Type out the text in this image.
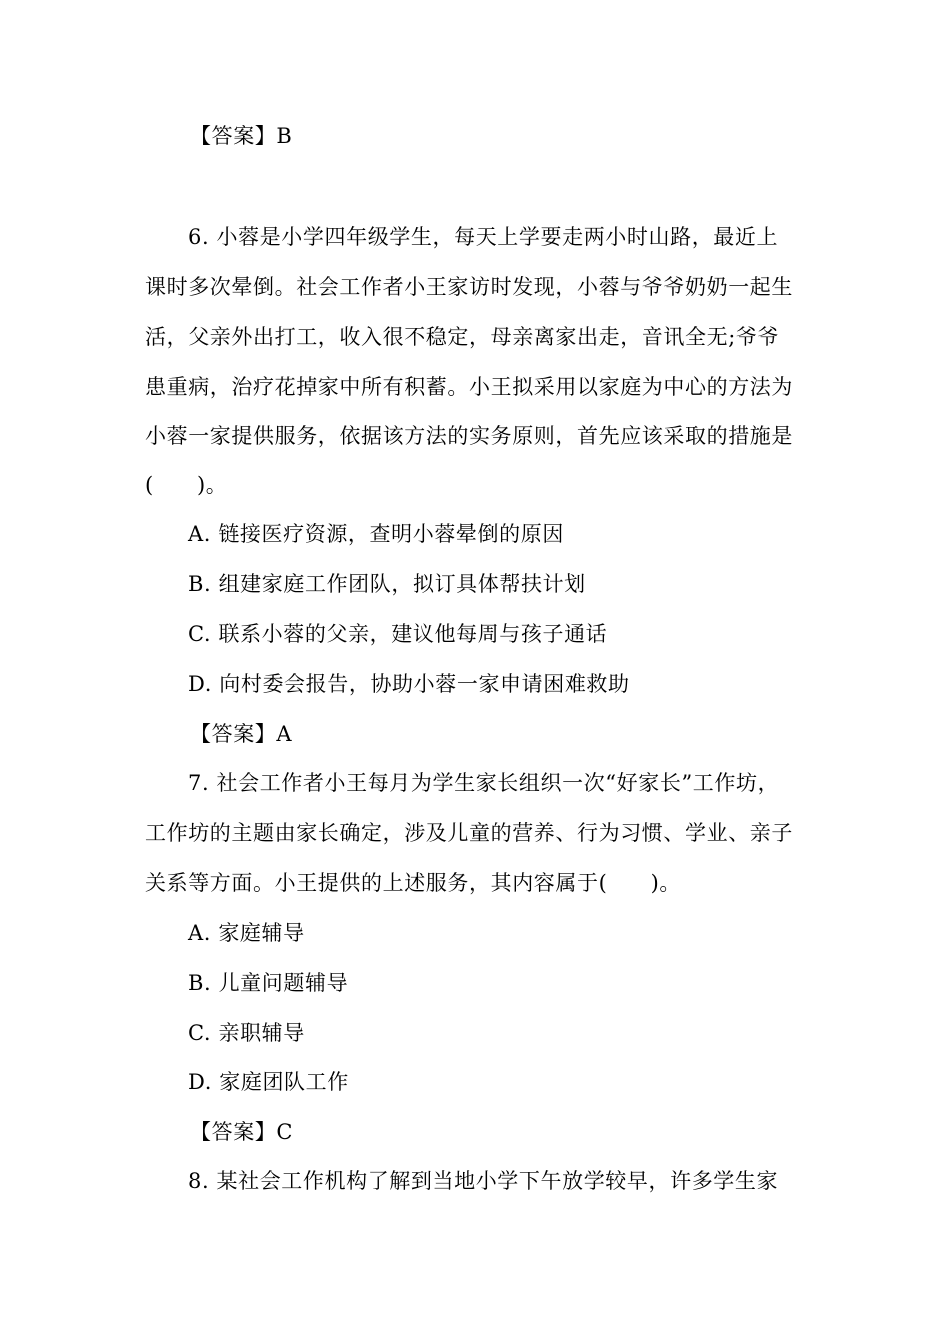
【答案】B
6. 小蓉是小学四年级学生，每天上学要走两小时山路，最近上
课时多次晕倒。社会工作者小王家访时发现，小蓉与爷爷奶奶一起生
活，父亲外出打工，收入很不稳定，母亲离家出走，音讯全无;爷爷
患重病，治疗花掉家中所有积蓄。小王拟采用以家庭为中心的方法为
小蓉一家提供服务，依据该方法的实务原则，首先应该采取的措施是
(　　)。
A. 链接医疗资源，查明小蓉晕倒的原因
B. 组建家庭工作团队，拟订具体帮扶计划
C. 联系小蓉的父亲，建议他每周与孩子通话
D. 向村委会报告，协助小蓉一家申请困难救助
【答案】A
7. 社会工作者小王每月为学生家长组织一次“好家长”工作坊，
工作坊的主题由家长确定，涉及儿童的营养、行为习惯、学业、亲子
关系等方面。小王提供的上述服务，其内容属于(　　)。
A. 家庭辅导
B. 儿童问题辅导
C. 亲职辅导
D. 家庭团队工作
【答案】C
8. 某社会工作机构了解到当地小学下午放学较早，许多学生家
